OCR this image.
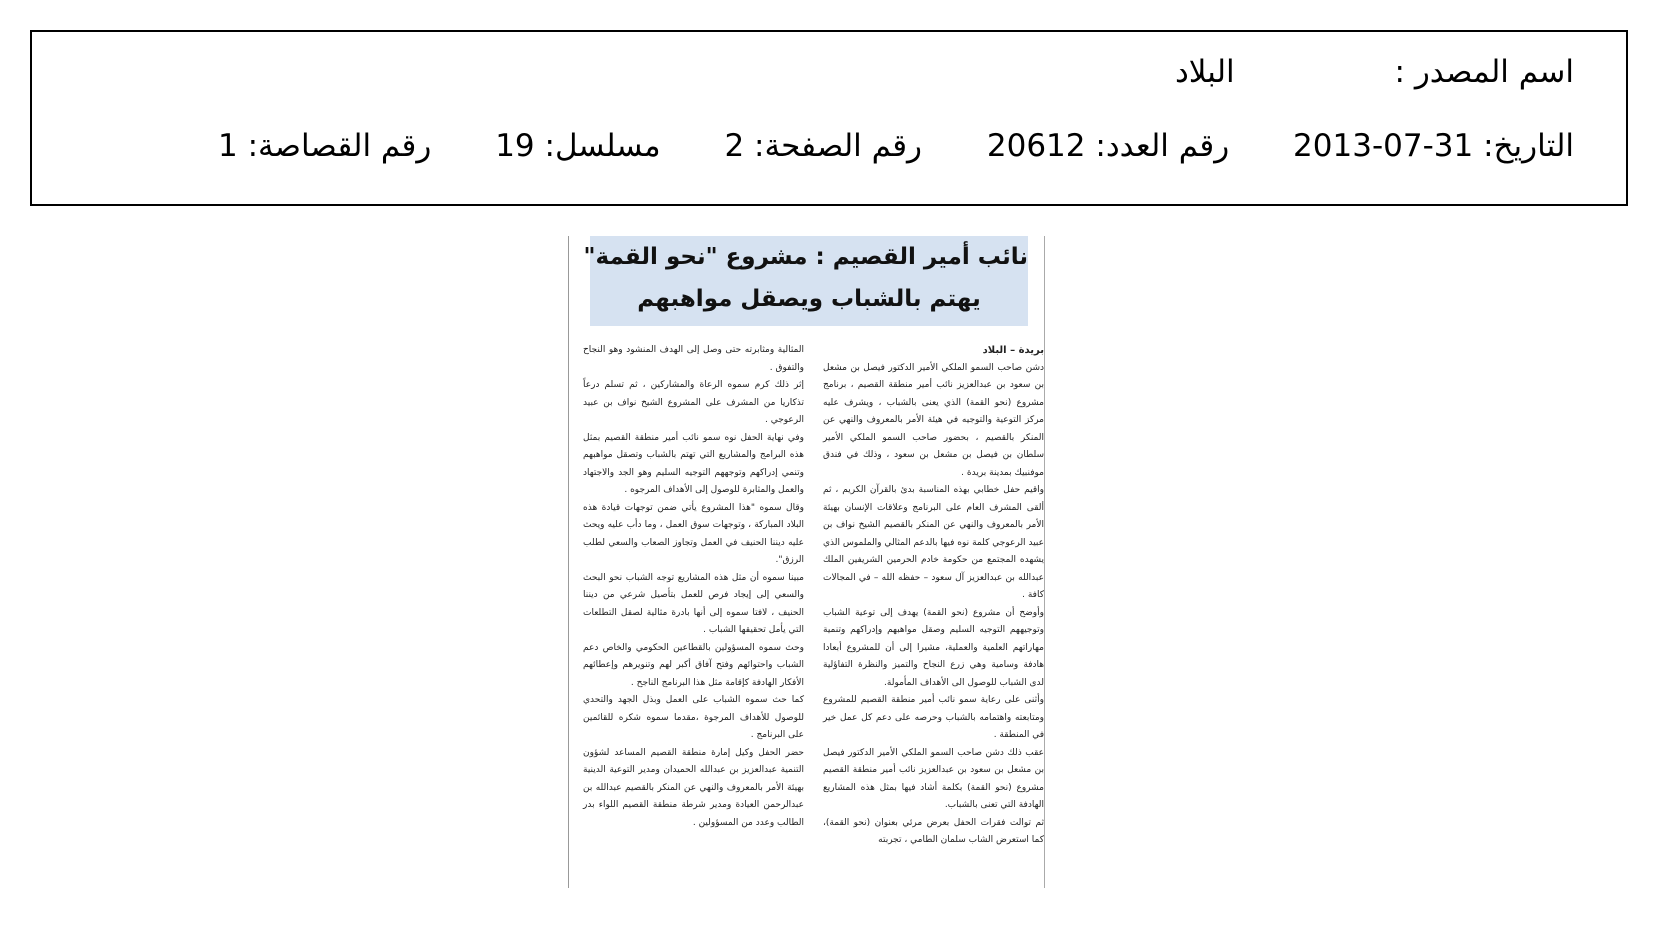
اسم المصدر : البلاد
التاريخ: 31-07-2013 رقم العدد: 20612 رقم الصفحة: 2 مسلسل: 19 رقم القصاصة: 1
نائب أمير القصيم : مشروع "نحو القمة"
يهتم بالشباب ويصقل مواهبهم

بريدة – البلاد

دشن صاحب السمو الملكي الأمير الدكتور فيصل بن مشعل بن سعود بن عبدالعزيز نائب أمير منطقة القصيم ، برنامج مشروع (نحو القمة) الذي يعنى بالشباب ، ويشرف عليه مركز التوعية والتوجيه في هيئة الأمر بالمعروف والنهي عن المنكر بالقصيم ، بحضور صاحب السمو الملكي الأمير سلطان بن فيصل بن مشعل بن سعود ، وذلك في فندق موفنبيك بمدينة بريدة .

واقيم حفل خطابي بهذه المناسبة بدئ بالقرآن الكريم ، ثم ألقى المشرف العام على البرنامج وعلاقات الإنسان بهيئة الأمر بالمعروف والنهي عن المنكر بالقصيم الشيخ نواف بن عبيد الرعوجي كلمة نوه فيها بالدعم المثالي والملموس الذي يشهده المجتمع من حكومة خادم الحرمين الشريفين الملك عبدالله بن عبدالعزيز آل سعود – حفظه الله – في المجالات كافة .

وأوضح أن مشروع (نحو القمة) يهدف إلى توعية الشباب وتوجيههم التوجيه السليم وصقل مواهبهم وإدراكهم وتنمية مهاراتهم العلمية والعملية، مشيرا إلى أن للمشروع أبعادا هادفة وسامية وهي زرع النجاح والتميز والنظرة التفاؤلية لدى الشباب للوصول الى الأهداف المأمولة.

وأثنى على رعاية سمو نائب أمير منطقة القصيم للمشروع ومتابعته واهتمامه بالشباب وحرصه على دعم كل عمل خير في المنطقة .

عقب ذلك دشن صاحب السمو الملكي الأمير الدكتور فيصل بن مشعل بن سعود بن عبدالعزيز نائب أمير منطقة القصيم مشروع (نحو القمة) بكلمة أشاد فيها بمثل هذه المشاريع الهادفة التي تعنى بالشباب.

ثم توالت فقرات الحفل بعرض مرئي بعنوان (نحو القمة)، كما استعرض الشاب سلمان الطامي ، تجربته

المثالية ومثابرته حتى وصل إلى الهدف المنشود وهو النجاح والتفوق .

إثر ذلك كرم سموه الرعاة والمشاركين ، ثم تسلم درعاً تذكاريا من المشرف على المشروع الشيخ نواف بن عبيد الرعوجي .

وفي نهاية الحفل نوه سمو نائب أمير منطقة القصيم بمثل هذه البرامج والمشاريع التي تهتم بالشباب وتصقل مواهبهم وتنمي إدراكهم وتوجههم التوجيه السليم وهو الجد والاجتهاد والعمل والمثابرة للوصول إلى الأهداف المرجوه .

وقال سموه "هذا المشروع يأتي ضمن توجهات قيادة هذه البلاد المباركة ، وتوجهات سوق العمل ، وما دأب عليه ويحث عليه ديننا الحنيف في العمل وتجاوز الصعاب والسعي لطلب الرزق".

مبينا سموه أن مثل هذه المشاريع توجه الشباب نحو البحث والسعي إلى إيجاد فرص للعمل بتأصيل شرعي من ديننا الحنيف ، لافتا سموه إلى أنها بادرة مثالية لصقل التطلعات التي يأمل تحقيقها الشباب .

وحث سموه المسؤولين بالقطاعين الحكومي والخاص دعم الشباب واحتوائهم وفتح آفاق أكبر لهم وتنويرهم وإعطائهم الأفكار الهادفة كإقامة مثل هذا البرنامج الناجح .

كما حث سموه الشباب على العمل وبذل الجهد والتحدي للوصول للأهداف المرجوة ،مقدما سموه شكره للقائمين على البرنامج .

حضر الحفل وكيل إمارة منطقة القصيم المساعد لشؤون التنمية عبدالعزيز بن عبدالله الحميدان ومدير التوعية الدينية بهيئة الأمر بالمعروف والنهي عن المنكر بالقصيم عبدالله بن عبدالرحمن العيادة ومدير شرطة منطقة القصيم اللواء بدر الطالب وعدد من المسؤولين .
